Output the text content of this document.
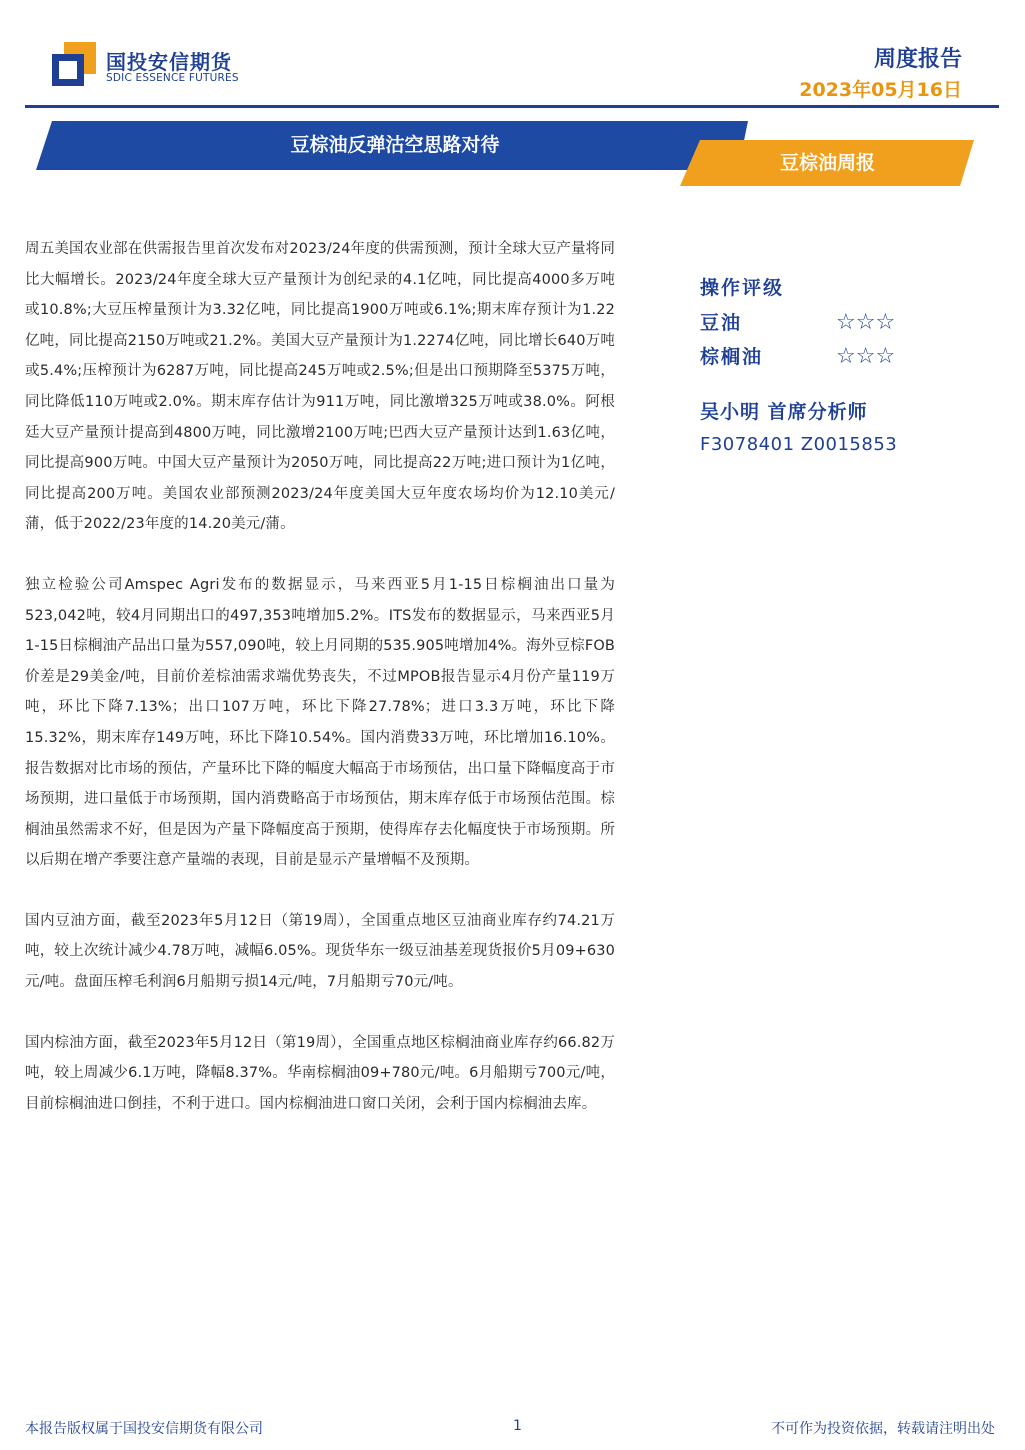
国投安信期货
SDIC ESSENCE FUTURES
周度报告
2023年05月16日
豆棕油反弹沽空思路对待
豆棕油周报

周五美国农业部在供需报告里首次发布对2023/24年度的供需预测，预计全球大豆产量将同比大幅增长。2023/24年度全球大豆产量预计为创纪录的4.1亿吨，同比提高4000多万吨或10.8%;大豆压榨量预计为3.32亿吨，同比提高1900万吨或6.1%;期末库存预计为1.22亿吨，同比提高2150万吨或21.2%。美国大豆产量预计为1.2274亿吨，同比增长640万吨或5.4%;压榨预计为6287万吨，同比提高245万吨或2.5%;但是出口预期降至5375万吨，同比降低110万吨或2.0%。期末库存估计为911万吨，同比激增325万吨或38.0%。阿根廷大豆产量预计提高到4800万吨，同比激增2100万吨;巴西大豆产量预计达到1.63亿吨，同比提高900万吨。中国大豆产量预计为2050万吨，同比提高22万吨;进口预计为1亿吨，同比提高200万吨。美国农业部预测2023/24年度美国大豆年度农场均价为12.10美元/蒲，低于2022/23年度的14.20美元/蒲。

独立检验公司Amspec Agri发布的数据显示，马来西亚5月1-15日棕榈油出口量为523,042吨，较4月同期出口的497,353吨增加5.2%。ITS发布的数据显示，马来西亚5月1-15日棕榈油产品出口量为557,090吨，较上月同期的535.905吨增加4%。海外豆棕FOB价差是29美金/吨，目前价差棕油需求端优势丧失，不过MPOB报告显示4月份产量119万吨，环比下降7.13%；出口107万吨，环比下降27.78%；进口3.3万吨，环比下降15.32%，期末库存149万吨，环比下降10.54%。国内消费33万吨，环比增加16.10%。报告数据对比市场的预估，产量环比下降的幅度大幅高于市场预估，出口量下降幅度高于市场预期，进口量低于市场预期，国内消费略高于市场预估，期末库存低于市场预估范围。棕榈油虽然需求不好，但是因为产量下降幅度高于预期，使得库存去化幅度快于市场预期。所以后期在增产季要注意产量端的表现，目前是显示产量增幅不及预期。

国内豆油方面，截至2023年5月12日（第19周），全国重点地区豆油商业库存约74.21万吨，较上次统计减少4.78万吨，减幅6.05%。现货华东一级豆油基差现货报价5月09+630元/吨。盘面压榨毛利润6月船期亏损14元/吨，7月船期亏70元/吨。

国内棕油方面，截至2023年5月12日（第19周），全国重点地区棕榈油商业库存约66.82万吨，较上周减少6.1万吨，降幅8.37%。华南棕榈油09+780元/吨。6月船期亏700元/吨，目前棕榈油进口倒挂，不利于进口。国内棕榈油进口窗口关闭，会利于国内棕榈油去库。

操作评级
豆油	☆☆☆
棕榈油	☆☆☆
吴小明 首席分析师
F3078401 Z0015853
本报告版权属于国投安信期货有限公司	1	不可作为投资依据，转载请注明出处
